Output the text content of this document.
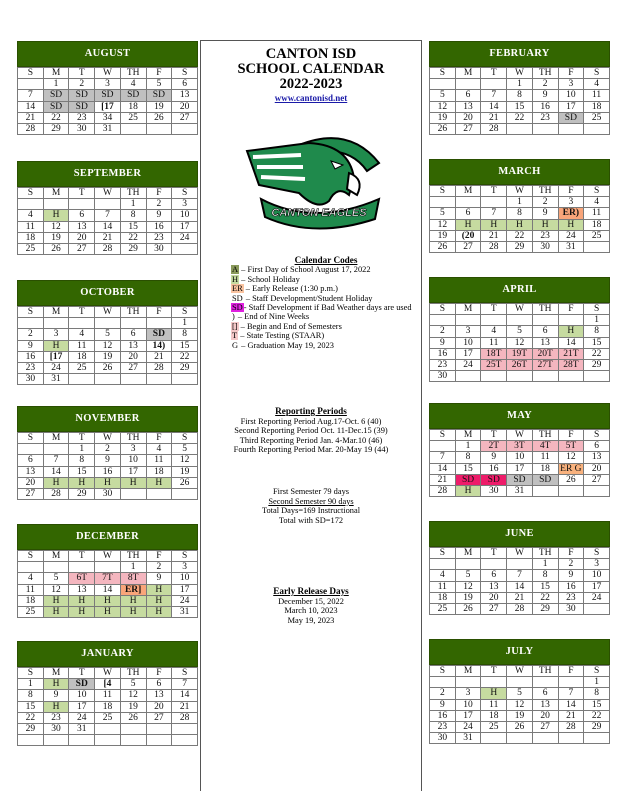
CANTON ISD
SCHOOL CALENDAR
2022-2023
www.cantonisd.net
CANTON EAGLES
Calendar Codes
A – First Day of School August 17, 2022
H – School Holiday
ER – Early Release (1:30 p.m.)
SD – Staff Development/Student Holiday
SD- Staff Development if Bad Weather days are used
) – End of Nine Weeks
[] – Begin and End of Semesters
T – State Testing (STAAR)
G – Graduation May 19, 2023
Reporting Periods
First Reporting Period Aug.17-Oct. 6 (40)
Second Reporting Period Oct. 11-Dec.15 (39)
Third Reporting Period Jan. 4-Mar.10 (46)
Fourth Reporting Period Mar. 20-May 19 (44)
First Semester 79 days
Second Semester 90 days
Total Days=169 Instructional
Total with SD=172
Early Release Days
December 15, 2022
March 10, 2023
May 19, 2023
AUGUST
S	M	T	W	TH	F	S
	1	2	3	4	5	6
7	SD	SD	SD	SD	SD	13
14	SD	SD	[17	18	19	20
21	22	23	34	25	26	27
28	29	30	31			
SEPTEMBER
S	M	T	W	TH	F	S
				1	2	3
4	H	6	7	8	9	10
11	12	13	14	15	16	17
18	19	20	21	22	23	24
25	26	27	28	29	30	
OCTOBER
S	M	T	W	TH	F	S
						1
2	3	4	5	6	SD	8
9	H	11	12	13	14)	15
16	[17	18	19	20	21	22
23	24	25	26	27	28	29
30	31					
NOVEMBER
S	M	T	W	TH	F	S
		1	2	3	4	5
6	7	8	9	10	11	12
13	14	15	16	17	18	19
20	H	H	H	H	H	26
27	28	29	30			
DECEMBER
S	M	T	W	TH	F	S
				1	2	3
4	5	6T	7T	8T	9	10
11	12	13	14	ER]	H	17
18	H	H	H	H	H	24
25	H	H	H	H	H	31
JANUARY
S	M	T	W	TH	F	S
1	H	SD	[4	5	6	7
8	9	10	11	12	13	14
15	H	17	18	19	20	21
22	23	24	25	26	27	28
29	30	31				

FEBRUARY
S	M	T	W	TH	F	S
			1	2	3	4
5	6	7	8	9	10	11
12	13	14	15	16	17	18
19	20	21	22	23	SD	25
26	27	28				
MARCH
S	M	T	W	TH	F	S
			1	2	3	4
5	6	7	8	9	ER)	11
12	H	H	H	H	H	18
19	(20	21	22	23	24	25
26	27	28	29	30	31	
APRIL
S	M	T	W	TH	F	S
						1
2	3	4	5	6	H	8
9	10	11	12	13	14	15
16	17	18T	19T	20T	21T	22
23	24	25T	26T	27T	28T	29
30						
MAY
S	M	T	W	TH	F	S
	1	2T	3T	4T	5T	6
7	8	9	10	11	12	13
14	15	16	17	18	ER G	20
21	SD	SD	SD	SD	26	27
28	H	30	31			
JUNE
S	M	T	W	TH	F	S
				1	2	3
4	5	6	7	8	9	10
11	12	13	14	15	16	17
18	19	20	21	22	23	24
25	26	27	28	29	30	
JULY
S	M	T	W	TH	F	S
						1
2	3	H	5	6	7	8
9	10	11	12	13	14	15
16	17	18	19	20	21	22
23	24	25	26	27	28	29
30	31					
